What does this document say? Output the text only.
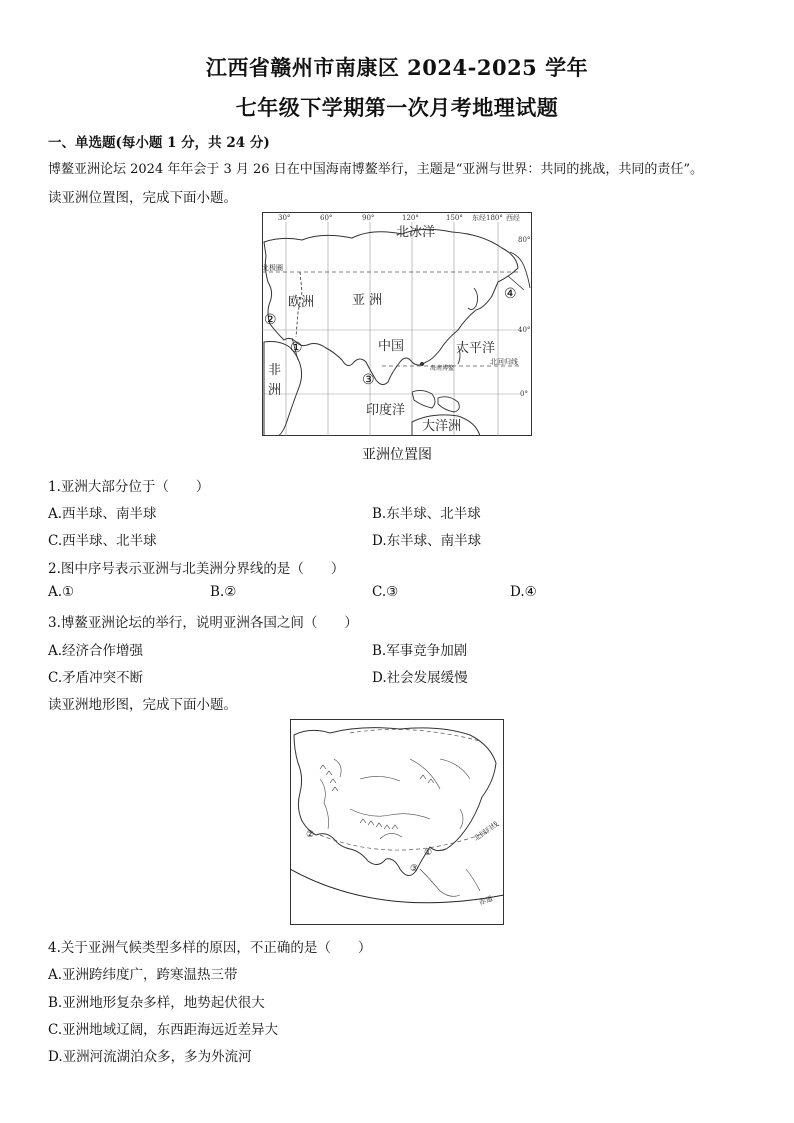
江西省赣州市南康区 2024-2025 学年
七年级下学期第一次月考地理试题
一、单选题(每小题 1 分，共 24 分)
博鳌亚洲论坛 2024 年年会于 3 月 26 日在中国海南博鳌举行，主题是“亚洲与世界：共同的挑战，共同的责任”。
读亚洲位置图，完成下面小题。
30°	60°	90°	120°	150° 东经180° 西经
80°
40°
0°
北冰洋
北极圈
欧洲	亚 洲
中国	太平洋
北回归线
海南博鳌
非
洲
印度洋
大洋洲
①
②
③
④
亚洲位置图
1.亚洲大部分位于（　　）
A.西半球、南半球	B.东半球、北半球
C.西半球、北半球	D.东半球、南半球
2.图中序号表示亚洲与北美洲分界线的是（　　）
A.①	B.②	C.③	D.④
3.博鳌亚洲论坛的举行，说明亚洲各国之间（　　）
A.经济合作增强	B.军事竞争加剧
C.矛盾冲突不断	D.社会发展缓慢
读亚洲地形图，完成下面小题。
②
①
③
北回归线
赤道
4.关于亚洲气候类型多样的原因，不正确的是（　　）
A.亚洲跨纬度广，跨寒温热三带
B.亚洲地形复杂多样，地势起伏很大
C.亚洲地域辽阔，东西距海远近差异大
D.亚洲河流湖泊众多，多为外流河
